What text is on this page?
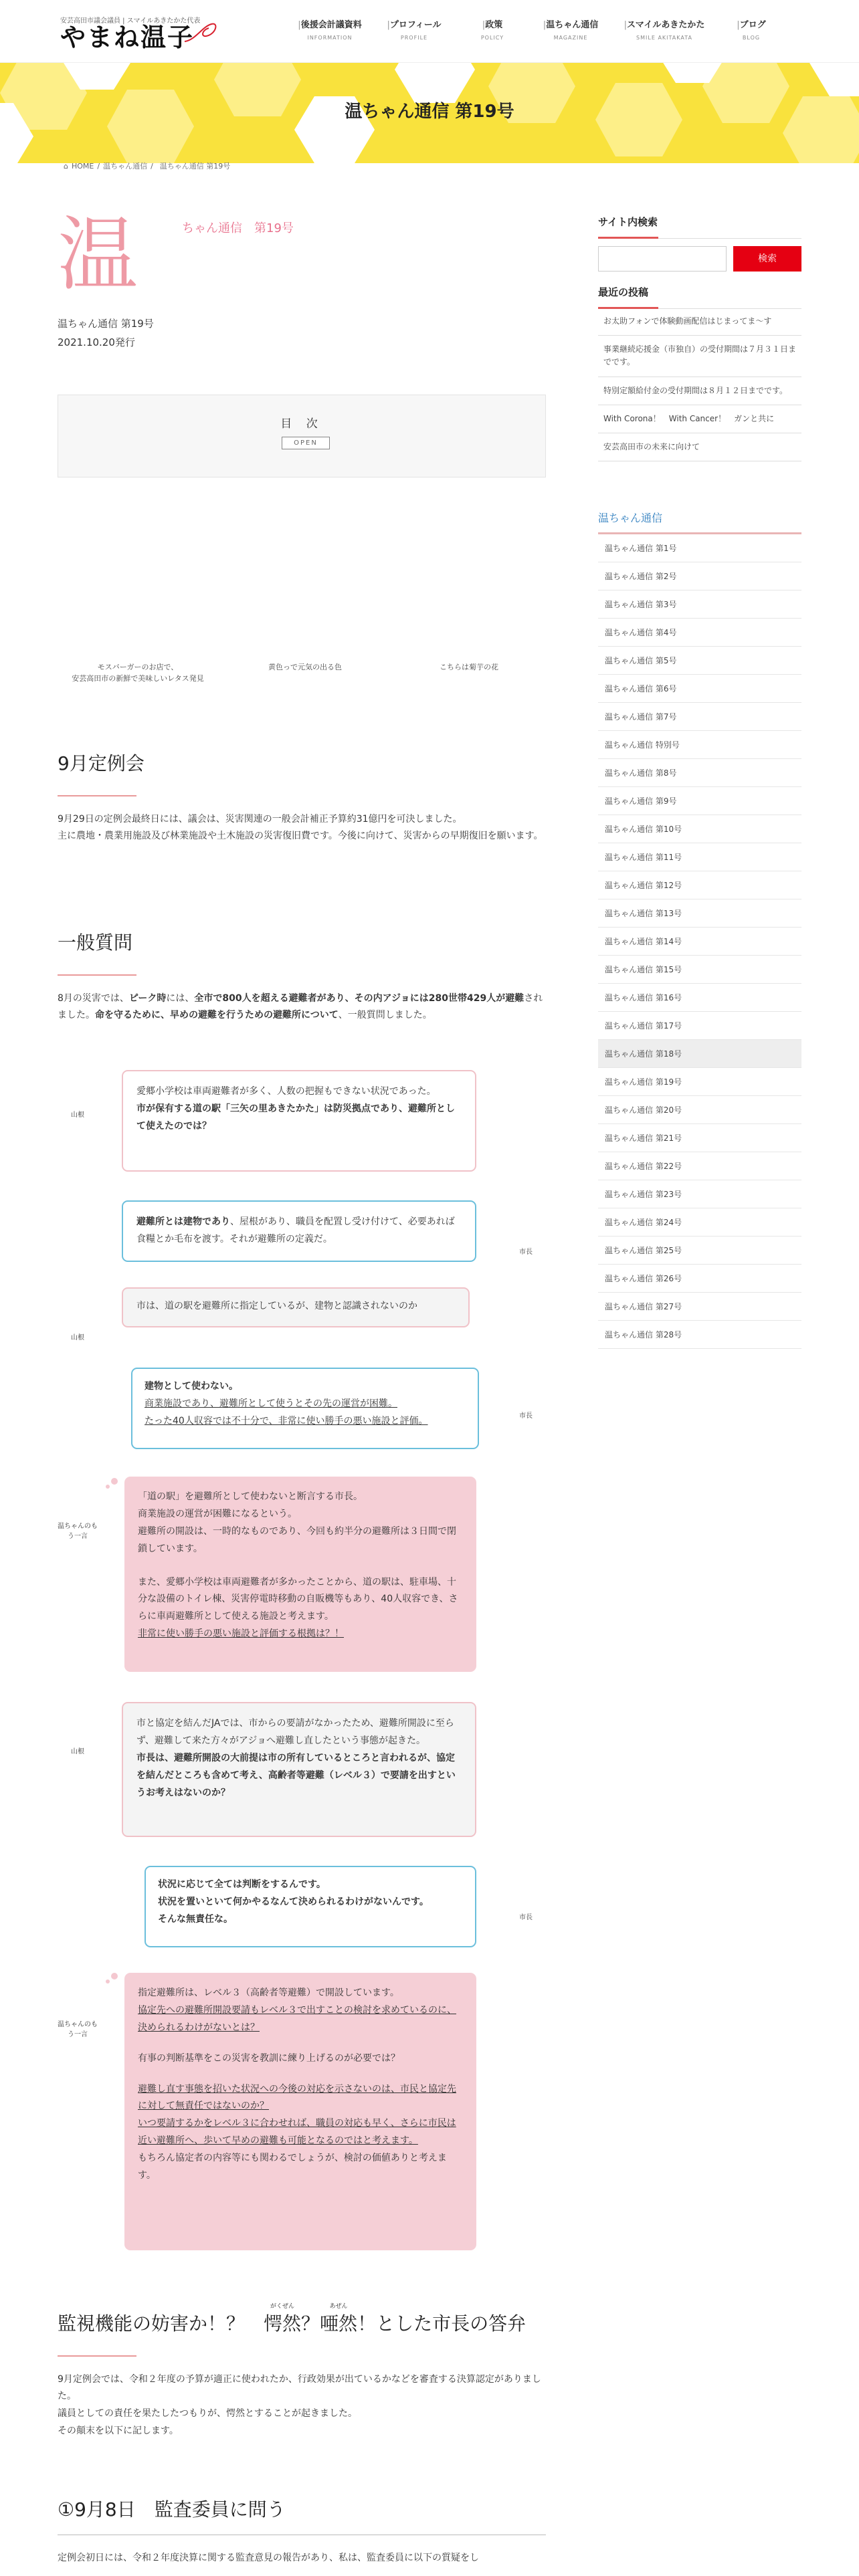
安芸高田市議会議員 | スマイルあきたかた代表
やまね温子	|後援会計議資料
INFORMATION
|プロフィール
PROFILE
|政策
POLICY
|温ちゃん通信
MAGAZINE
|スマイルあきたかた
SMILE AKITAKATA
|ブログ
BLOG
温ちゃん通信 第19号
⌂ HOME / 温ちゃん通信 / 温ちゃん通信 第19号
温	ちゃん通信　第19号
温ちゃん通信 第19号
2021.10.20発行
目 次
OPEN
モスバーガーのお店で、
安芸高田市の新鮮で美味しいレタス発見
黄色っで元気の出る色	こちらは菊芋の花
9月定例会

9月29日の定例会最終日には、議会は、災害関連の一般会計補正予算約31億円を可決しました。
主に農地・農業用施設及び林業施設や土木施設の災害復旧費です。今後に向けて、災害からの早期復旧を願います。

一般質問

8月の災害では、ピーク時には、全市で800人を超える避難者があり、その内アジョには280世帯429人が避難されました。命を守るために、早めの避難を行うための避難所について、一般質問しました。

山根
愛郷小学校は車両避難者が多く、人数の把握もできない状況であった。
市が保有する道の駅「三矢の里あきたかた」は防災拠点であり、避難所として使えたのでは？
市長
避難所とは建物であり、屋根があり、職員を配置し受け付けて、必要あれば食糧とか毛布を渡す。それが避難所の定義だ。
山根
市は、道の駅を避難所に指定しているが、建物と認識されないのか
市長
建物として使わない。
商業施設であり、避難所として使うとその先の運営が困難。
たった40人収容では不十分で、非常に使い勝手の悪い施設と評価。
温ちゃんのもう一言
「道の駅」を避難所として使わないと断言する市長。
商業施設の運営が困難になるという。
避難所の開設は、一時的なものであり、今回も約半分の避難所は３日間で閉鎖しています。
また、愛郷小学校は車両避難者が多かったことから、道の駅は、駐車場、十分な設備のトイレ棟、災害停電時移動の自販機等もあり、40人収容でき、さらに車両避難所として使える施設と考えます。
非常に使い勝手の悪い施設と評価する根拠は？！
山根
市と協定を結んだJAでは、市からの要請がなかったため、避難所開設に至らず、避難して来た方々がアジョへ避難し直したという事態が起きた。
市長は、避難所開設の大前提は市の所有しているところと言われるが、協定を結んだところも含めて考え、高齢者等避難（レベル３）で要請を出すというお考えはないのか？
市長
状況に応じて全ては判断をするんです。
状況を置いといて何かやるなんて決められるわけがないんです。
そんな無責任な。
温ちゃんのもう一言
指定避難所は、レベル３（高齢者等避難）で開設しています。
協定先への避難所開設要請もレベル３で出すことの検討を求めているのに、決められるわけがないとは？
有事の判断基準をこの災害を教訓に練り上げるのが必要では？
避難し直す事態を招いた状況への今後の対応を示さないのは、市民と協定先に対して無責任ではないのか？
いつ要請するかをレベル３に合わせれば、職員の対応も早く、さらに市民は近い避難所へ、歩いて早めの避難も可能となるのではと考えます。
もちろん協定者の内容等にも関わるでしょうが、検討の価値ありと考えます。
監視機能の妨害か！？　
がくぜん
愕然？
あぜん
唖然！とした市長の答弁

9月定例会では、令和２年度の予算が適正に使われたか、行政効果が出ているかなどを審査する決算認定がありました。
議員としての責任を果たしたつもりが、愕然とすることが起きました。
その顛末を以下に記します。

①9月8日　監査委員に問う

定例会初日には、令和２年度決算に関する監査意見の報告があり、私は、監査委員に以下の質疑をし

サイト内検索
検索
最近の投稿
お太助フォンで体験動画配信はじまってま〜す
事業継続応援金（市独自）の受付期間は７月３１日までです。
特別定額給付金の受付期間は８月１２日までです。
With Corona！　With Cancer！　ガンと共に
安芸高田市の未来に向けて
温ちゃん通信
温ちゃん通信 第1号
温ちゃん通信 第2号
温ちゃん通信 第3号
温ちゃん通信 第4号
温ちゃん通信 第5号
温ちゃん通信 第6号
温ちゃん通信 第7号
温ちゃん通信 特別号
温ちゃん通信 第8号
温ちゃん通信 第9号
温ちゃん通信 第10号
温ちゃん通信 第11号
温ちゃん通信 第12号
温ちゃん通信 第13号
温ちゃん通信 第14号
温ちゃん通信 第15号
温ちゃん通信 第16号
温ちゃん通信 第17号
温ちゃん通信 第18号
温ちゃん通信 第19号
温ちゃん通信 第20号
温ちゃん通信 第21号
温ちゃん通信 第22号
温ちゃん通信 第23号
温ちゃん通信 第24号
温ちゃん通信 第25号
温ちゃん通信 第26号
温ちゃん通信 第27号
温ちゃん通信 第28号
